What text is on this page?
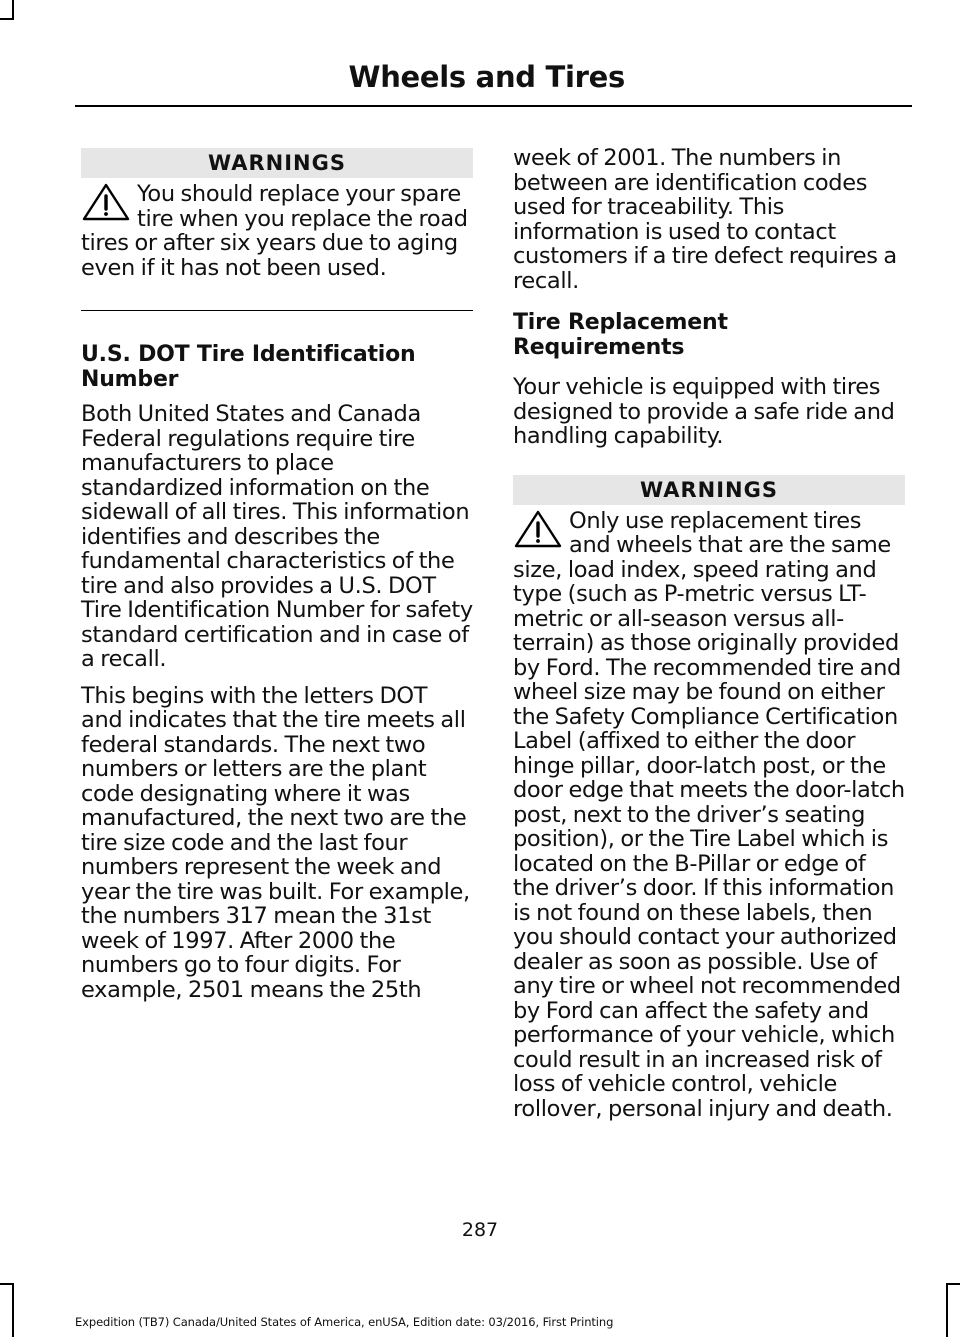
Wheels and Tires
WARNINGS
You should replace your spare tire when you replace the road tires or after six years due to aging even if it has not been used.
U.S. DOT Tire Identification Number

Both United States and Canada Federal regulations require tire manufacturers to place standardized information on the sidewall of all tires. This information identifies and describes the fundamental characteristics of the tire and also provides a U.S. DOT Tire Identification Number for safety standard certification and in case of a recall.

This begins with the letters DOT and indicates that the tire meets all federal standards. The next two numbers or letters are the plant code designating where it was manufactured, the next two are the tire size code and the last four numbers represent the week and year the tire was built. For example, the numbers 317 mean the 31st week of 1997. After 2000 the numbers go to four digits. For example, 2501 means the 25th

week of 2001. The numbers in between are identification codes used for traceability. This information is used to contact customers if a tire defect requires a recall.

Tire Replacement Requirements

Your vehicle is equipped with tires designed to provide a safe ride and handling capability.

WARNINGS
Only use replacement tires and wheels that are the same size, load index, speed rating and type (such as P-metric versus LT-metric or all-season versus all-terrain) as those originally provided by Ford. The recommended tire and wheel size may be found on either the Safety Compliance Certification Label (affixed to either the door hinge pillar, door-latch post, or the door edge that meets the door-latch post, next to the driver’s seating position), or the Tire Label which is located on the B-Pillar or edge of the driver’s door. If this information is not found on these labels, then you should contact your authorized dealer as soon as possible. Use of any tire or wheel not recommended by Ford can affect the safety and performance of your vehicle, which could result in an increased risk of loss of vehicle control, vehicle rollover, personal injury and death.
287
Expedition (TB7) Canada/United States of America, enUSA, Edition date: 03/2016, First Printing
